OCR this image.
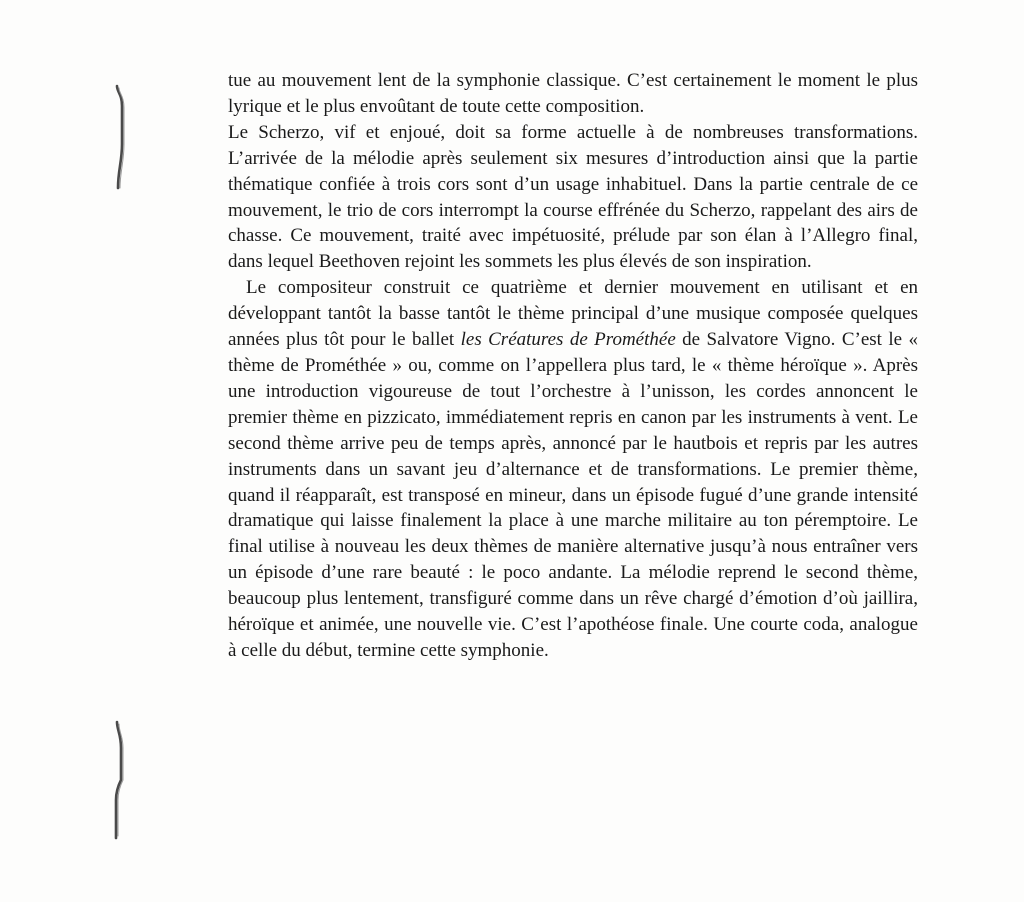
tue au mouvement lent de la symphonie classique. C’est certainement le moment le plus lyrique et le plus envoûtant de toute cette composition.

Le Scherzo, vif et enjoué, doit sa forme actuelle à de nombreuses transformations. L’arrivée de la mélodie après seulement six mesures d’introduction ainsi que la partie thématique confiée à trois cors sont d’un usage inhabituel. Dans la partie centrale de ce mouvement, le trio de cors interrompt la course effrénée du Scherzo, rappelant des airs de chasse. Ce mouvement, traité avec impétuosité, prélude par son élan à l’Allegro final, dans lequel Beethoven rejoint les sommets les plus élevés de son inspiration.

Le compositeur construit ce quatrième et dernier mouvement en utilisant et en développant tantôt la basse tantôt le thème principal d’une musique composée quelques années plus tôt pour le ballet les Créatures de Prométhée de Salvatore Vigno. C’est le « thème de Prométhée » ou, comme on l’appellera plus tard, le « thème héroïque ». Après une introduction vigoureuse de tout l’orchestre à l’unisson, les cordes annoncent le premier thème en pizzicato, immédiatement repris en canon par les instruments à vent. Le second thème arrive peu de temps après, annoncé par le hautbois et repris par les autres instruments dans un savant jeu d’alternance et de transformations. Le premier thème, quand il réapparaît, est transposé en mineur, dans un épisode fugué d’une grande intensité dramatique qui laisse finalement la place à une marche militaire au ton péremptoire. Le final utilise à nouveau les deux thèmes de manière alternative jusqu’à nous entraîner vers un épisode d’une rare beauté : le poco andante. La mélodie reprend le second thème, beaucoup plus lentement, transfiguré comme dans un rêve chargé d’émotion d’où jaillira, héroïque et animée, une nouvelle vie. C’est l’apothéose finale. Une courte coda, analogue à celle du début, termine cette symphonie.
